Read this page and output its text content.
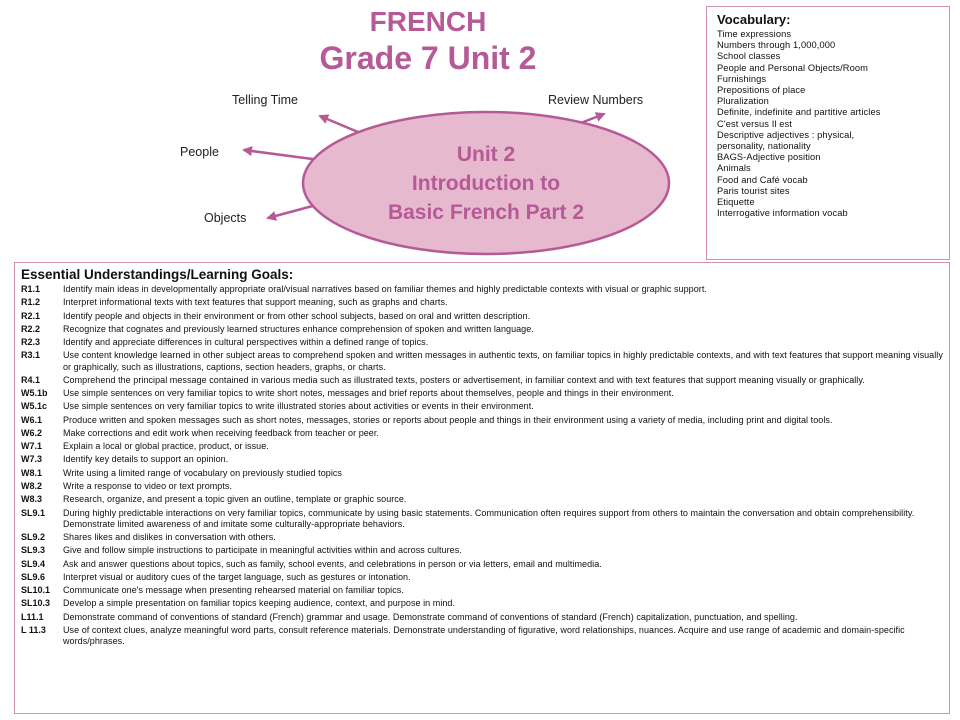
FRENCH
Grade 7 Unit 2
Telling Time	Review Numbers
People
Objects
Unit 2
Introduction to
Basic French Part 2
Vocabulary:
Time expressions
Numbers through 1,000,000
School classes
People and Personal Objects/Room
Furnishings
Prepositions of place
Pluralization
Definite, indefinite and partitive articles
C'est versus Il est
Descriptive adjectives : physical,
personality, nationality
BAGS-Adjective position
Animals
Food and Café vocab
Paris tourist sites
Etiquette
Interrogative information vocab
Essential Understandings/Learning Goals:
R1.1	Identify main ideas in developmentally appropriate oral/visual narratives based on familiar themes and highly predictable contexts with visual or graphic support.
R1.2	Interpret informational texts with text features that support meaning, such as graphs and charts.
R2.1	Identify people and objects in their environment or from other school subjects, based on oral and written description.
R2.2	Recognize that cognates and previously learned structures enhance comprehension of spoken and written language.
R2.3	Identify and appreciate differences in cultural perspectives within a defined range of topics.
R3.1	Use content knowledge learned in other subject areas to comprehend spoken and written messages in authentic texts, on familiar topics in highly predictable contexts, and with text features that support meaning visually or graphically, such as illustrations, captions, section headers, graphs, or charts.
R4.1	Comprehend the principal message contained in various media such as illustrated texts, posters or advertisement, in familiar context and with text features that support meaning visually or graphically.
W5.1b	Use simple sentences on very familiar topics to write short notes, messages and brief reports about themselves, people and things in their environment.
W5.1c	Use simple sentences on very familiar topics to write illustrated stories about activities or events in their environment.
W6.1	Produce written and spoken messages such as short notes, messages, stories or reports about people and things in their environment using a variety of media, including print and digital tools.
W6.2	Make corrections and edit work when receiving feedback from teacher or peer.
W7.1	Explain a local or global practice, product, or issue.
W7.3	Identify key details to support an opinion.
W8.1	Write using a limited range of vocabulary on previously studied topics
W8.2	Write a response to video or text prompts.
W8.3	Research, organize, and present a topic given an outline, template or graphic source.
SL9.1	During highly predictable interactions on very familiar topics, communicate by using basic statements. Communication often requires support from others to maintain the conversation and obtain comprehensibility. Demonstrate limited awareness of and imitate some culturally-appropriate behaviors.
SL9.2	Shares likes and dislikes in conversation with others.
SL9.3	Give and follow simple instructions to participate in meaningful activities within and across cultures.
SL9.4	Ask and answer questions about topics, such as family, school events, and celebrations in person or via letters, email and multimedia.
SL9.6	Interpret visual or auditory cues of the target language, such as gestures or intonation.
SL10.1	Communicate one's message when presenting rehearsed material on familiar topics.
SL10.3	Develop a simple presentation on familiar topics keeping audience, context, and purpose in mind.
L11.1	Demonstrate command of conventions of standard (French) grammar and usage. Demonstrate command of conventions of standard (French) capitalization, punctuation, and spelling.
L 11.3	Use of context clues, analyze meaningful word parts, consult reference materials. Demonstrate understanding of figurative, word relationships, nuances. Acquire and use range of academic and domain-specific words/phrases.
